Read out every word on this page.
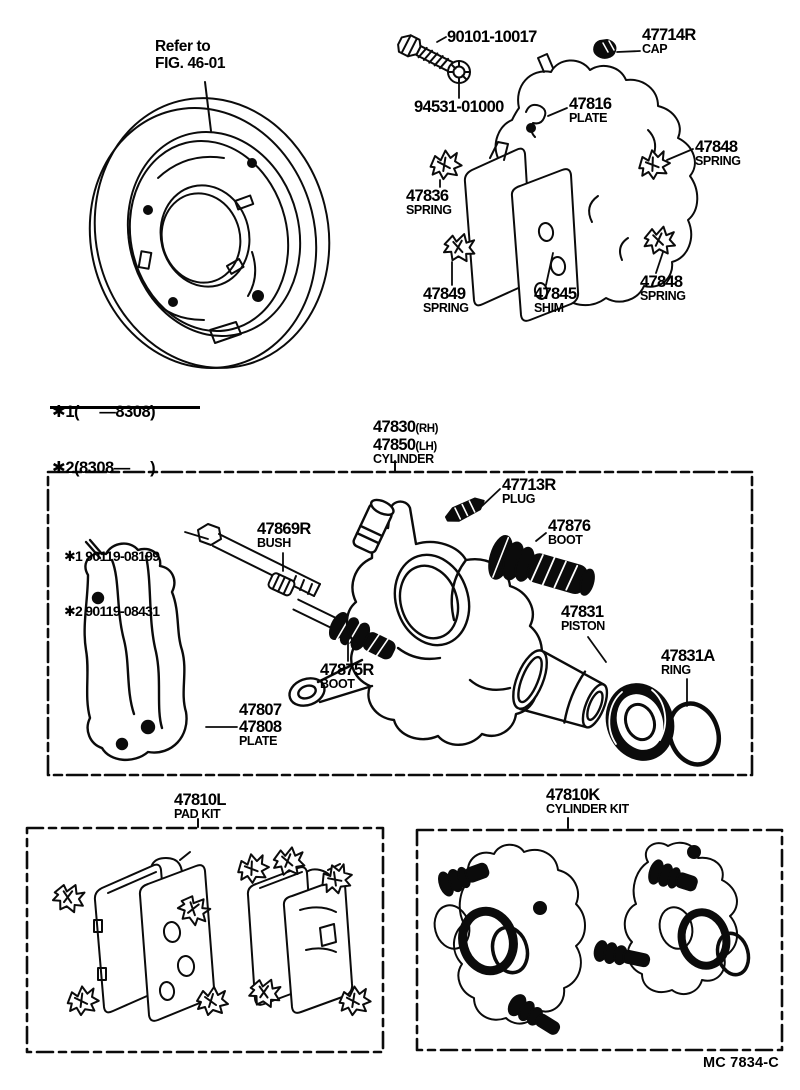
Refer to
FIG. 46-01
90101-10017	47714R
CAP
94531-01000	47816
PLATE
47848
SPRING
47836
SPRING
47849
SPRING
47845
SHIM
47848
SPRING

✱1(     —8308)

✱2(8308—     )

47830(RH)
47850(LH)
CYLINDER
47713R
PLUG

✱1 90119-08199

✱2 90119-08431

47869R
BUSH
47876
BOOT
47831
PISTON
47831A
RING
47875R
BOOT
47807
47808
PLATE
47810L
PAD KIT
47810K
CYLINDER KIT
MC 7834-C
